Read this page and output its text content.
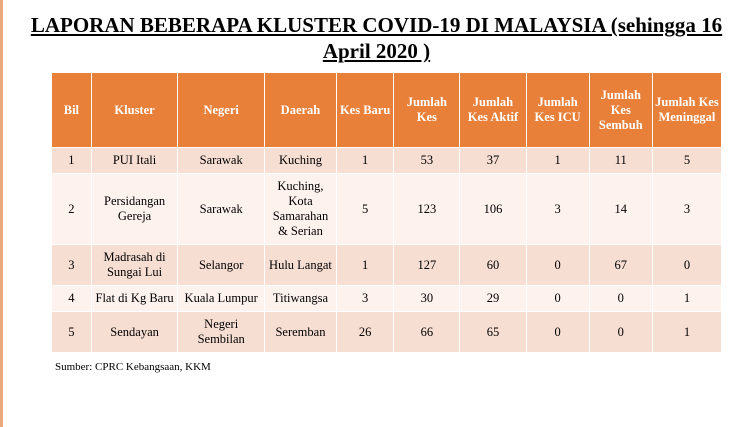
LAPORAN BEBERAPA KLUSTER COVID-19 DI MALAYSIA (sehingga 16 April 2020 )
Bil	Kluster	Negeri	Daerah	Kes Baru	Jumlah Kes	Jumlah Kes Aktif	Jumlah Kes ICU	Jumlah Kes Sembuh	Jumlah Kes Meninggal
1	PUI Itali	Sarawak	Kuching	1	53	37	1	11	5
2	Persidangan Gereja	Sarawak	Kuching, Kota Samarahan & Serian	5	123	106	3	14	3
3	Madrasah di Sungai Lui	Selangor	Hulu Langat	1	127	60	0	67	0
4	Flat di Kg Baru	Kuala Lumpur	Titiwangsa	3	30	29	0	0	1
5	Sendayan	Negeri Sembilan	Seremban	26	66	65	0	0	1
Sumber: CPRC Kebangsaan, KKM
